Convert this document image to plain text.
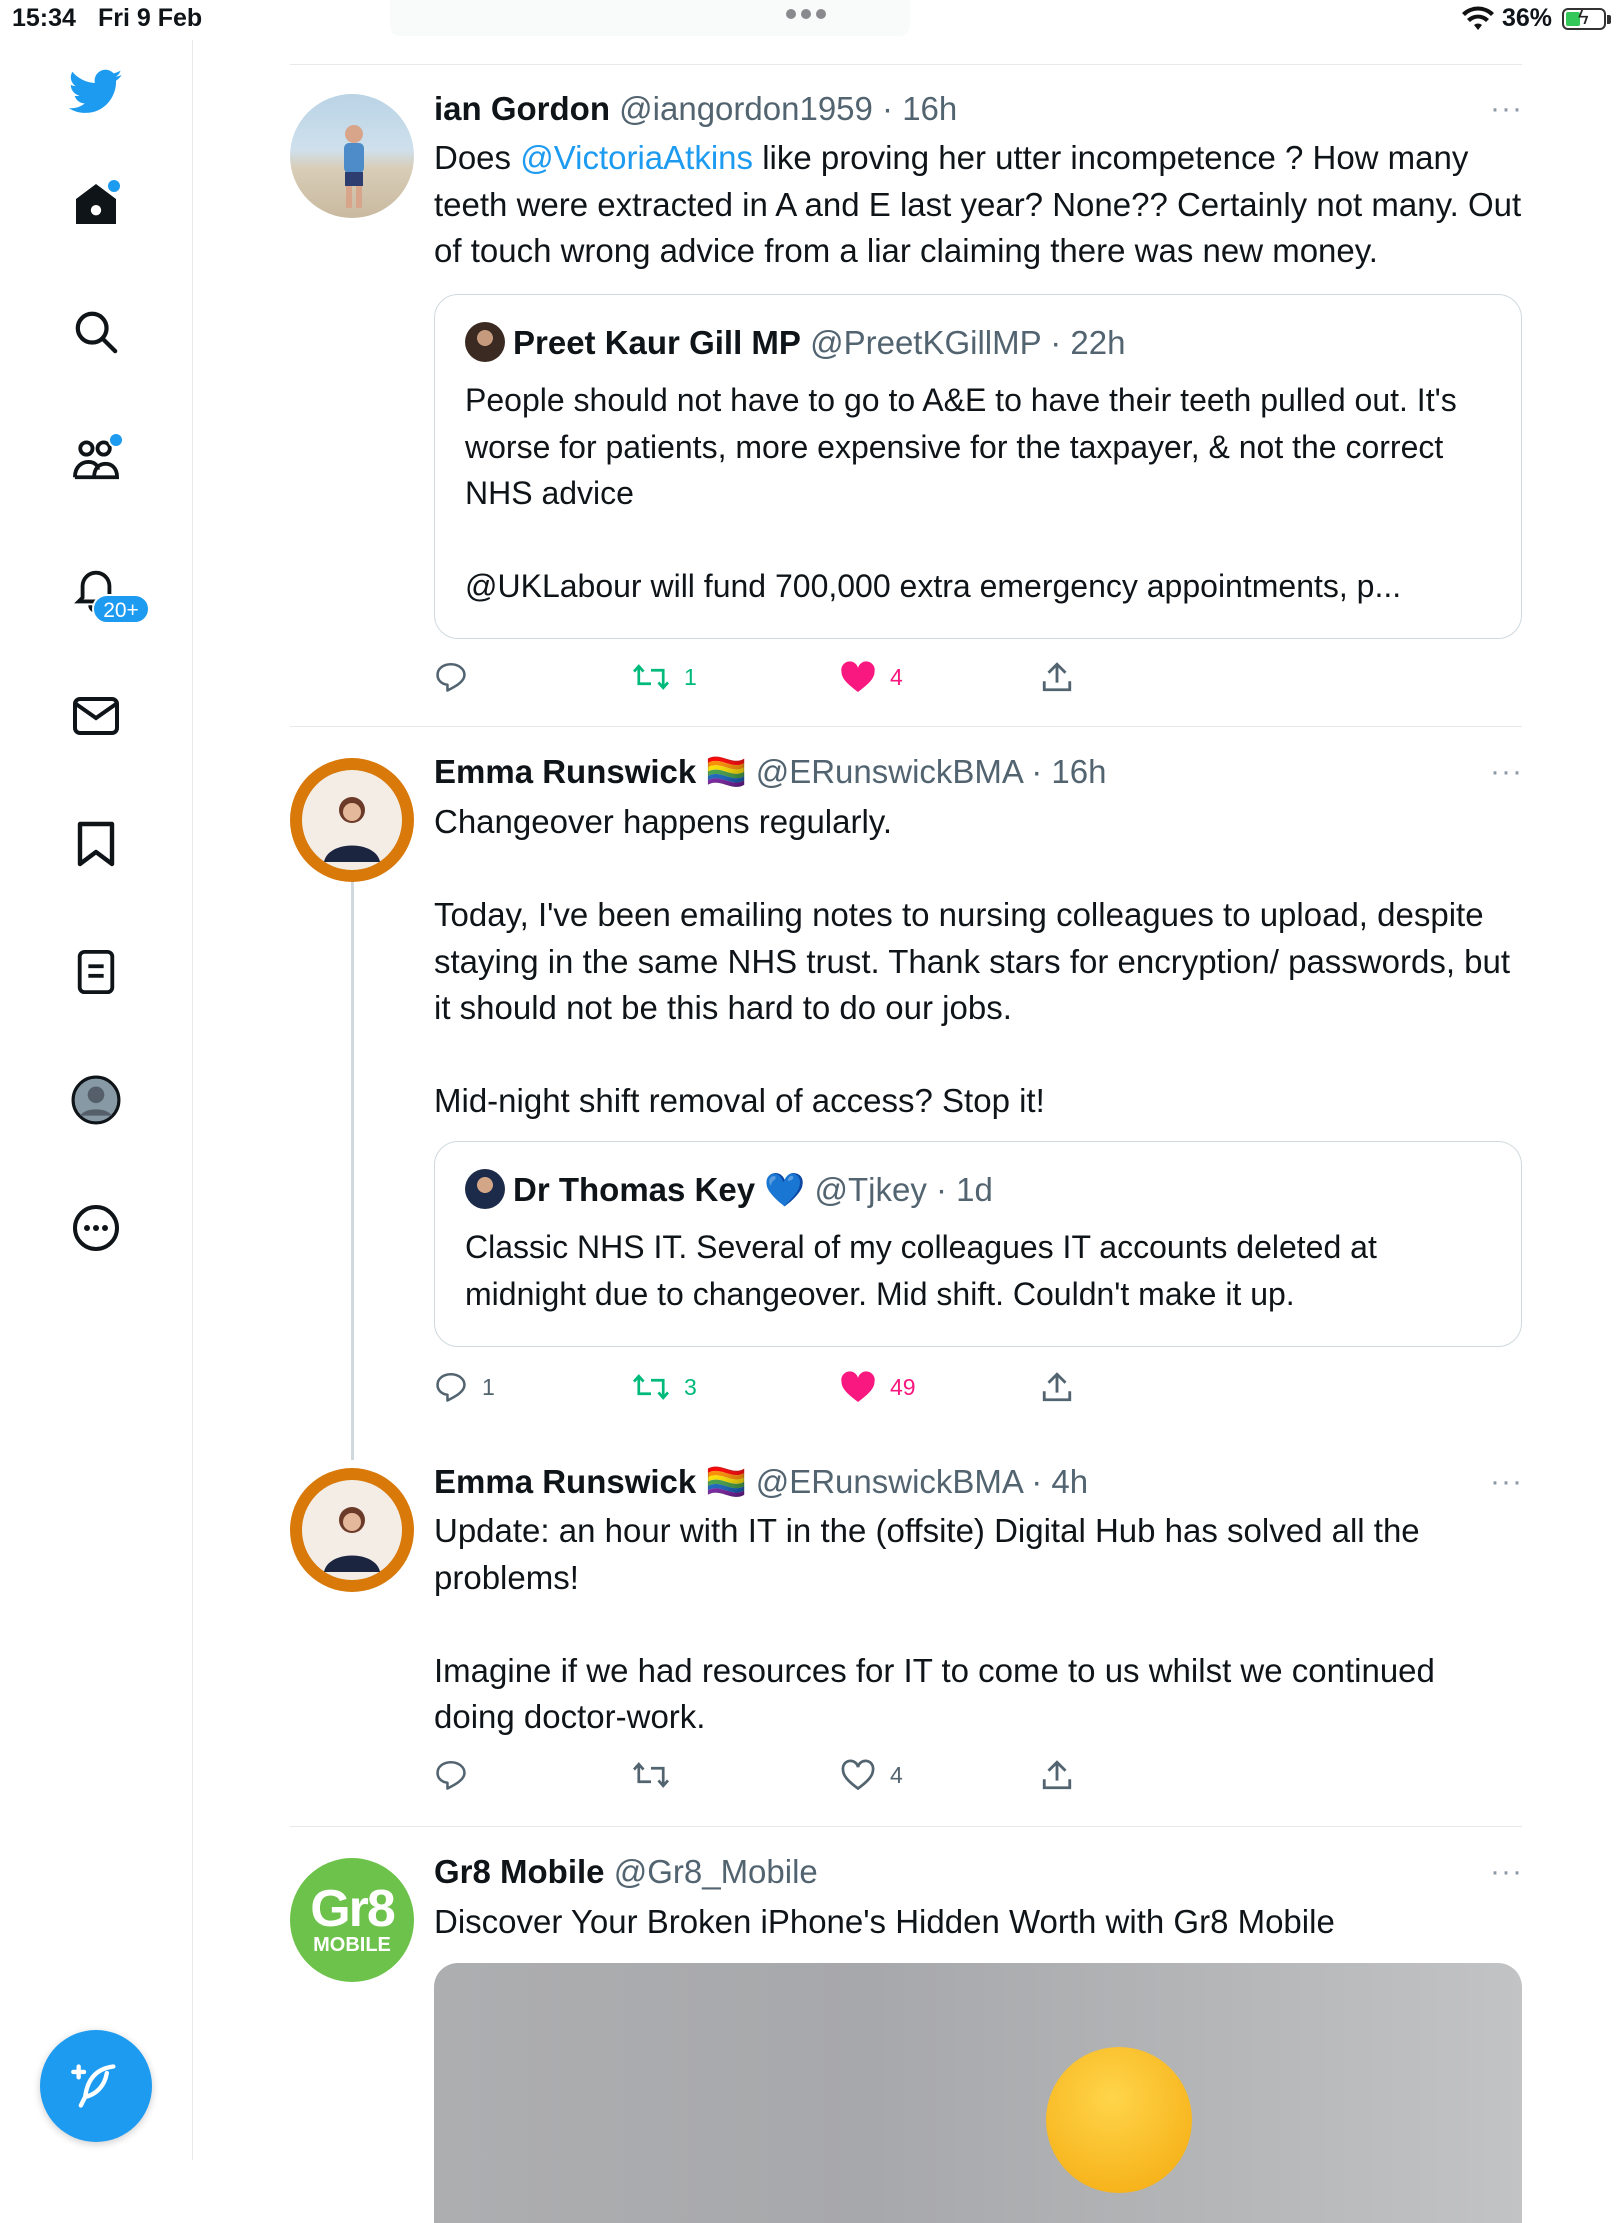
15:34 Fri 9 Feb	36% ϟ
20+
ian Gordon @iangordon1959 · 16h	···
Does @VictoriaAtkins like proving her utter incompetence ? How many teeth were extracted in A and E last year? None?? Certainly not many. Out of touch wrong advice from a liar claiming there was new money.
Preet Kaur Gill MP @PreetKGillMP · 22h
People should not have to go to A&E to have their teeth pulled out. It's worse for patients, more expensive for the taxpayer, & not the correct NHS advice

@UKLabour will fund 700,000 extra emergency appointments, p...
1	4
Emma Runswick 🏳️‍🌈 @ERunswickBMA · 16h	···
Changeover happens regularly.

Today, I've been emailing notes to nursing colleagues to upload, despite staying in the same NHS trust. Thank stars for encryption/ passwords, but it should not be this hard to do our jobs.

Mid-night shift removal of access? Stop it!
Dr Thomas Key 💙 @Tjkey · 1d
Classic NHS IT. Several of my colleagues IT accounts deleted at midnight due to changeover. Mid shift. Couldn't make it up.
1	3	49
Emma Runswick 🏳️‍🌈 @ERunswickBMA · 4h	···
Update: an hour with IT in the (offsite) Digital Hub has solved all the problems!

Imagine if we had resources for IT to come to us whilst we continued doing doctor-work.
4
Gr8
MOBILE
Gr8 Mobile @Gr8_Mobile	···
Discover Your Broken iPhone's Hidden Worth with Gr8 Mobile
